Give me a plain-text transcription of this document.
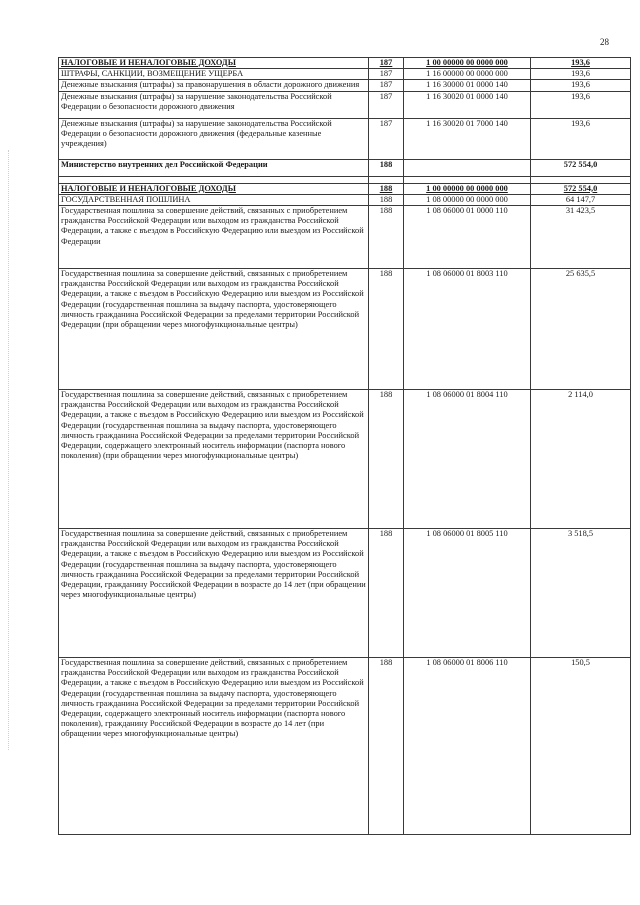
28
НАЛОГОВЫЕ И НЕНАЛОГОВЫЕ ДОХОДЫ	187	1 00 00000 00 0000 000	193,6
ШТРАФЫ, САНКЦИИ, ВОЗМЕЩЕНИЕ УЩЕРБА	187	1 16 00000 00 0000 000	193,6
Денежные взыскания (штрафы) за правонарушения в области дорожного движения	187	1 16 30000 01 0000 140	193,6
Денежные взыскания (штрафы) за нарушение законодательства Российской Федерации о безопасности дорожного движения	187	1 16 30020 01 0000 140	193,6
Денежные взыскания (штрафы) за нарушение законодательства Российской Федерации о безопасности дорожного движения (федеральные казенные учреждения)	187	1 16 30020 01 7000 140	193,6
Министерство внутренних дел Российской Федерации	188		572 554,0

НАЛОГОВЫЕ И НЕНАЛОГОВЫЕ ДОХОДЫ	188	1 00 00000 00 0000 000	572 554,0
ГОСУДАРСТВЕННАЯ ПОШЛИНА	188	1 08 00000 00 0000 000	64 147,7
Государственная пошлина за совершение действий, связанных с приобретением гражданства Российской Федерации или выходом из гражданства Российской Федерации, а также с въездом в Российскую Федерацию или выездом из Российской Федерации	188	1 08 06000 01 0000 110	31 423,5
Государственная пошлина за совершение действий, связанных с приобретением гражданства Российской Федерации или выходом из гражданства Российской Федерации, а также с въездом в Российскую Федерацию или выездом из Российской Федерации (государственная пошлина за выдачу паспорта, удостоверяющего личность гражданина Российской Федерации за пределами территории Российской Федерации (при обращении через многофункциональные центры)	188	1 08 06000 01 8003 110	25 635,5
Государственная пошлина за совершение действий, связанных с приобретением гражданства Российской Федерации или выходом из гражданства Российской Федерации, а также с въездом в Российскую Федерацию или выездом из Российской Федерации (государственная пошлина за выдачу паспорта, удостоверяющего личность гражданина Российской Федерации за пределами территории Российской Федерации, содержащего электронный носитель информации (паспорта нового поколения) (при обращении через многофункциональные центры)	188	1 08 06000 01 8004 110	2 114,0
Государственная пошлина за совершение действий, связанных с приобретением гражданства Российской Федерации или выходом из гражданства Российской Федерации, а также с въездом в Российскую Федерацию или выездом из Российской Федерации (государственная пошлина за выдачу паспорта, удостоверяющего личность гражданина Российской Федерации за пределами территории Российской Федерации, гражданину Российской Федерации в возрасте до 14 лет (при обращении через многофункциональные центры)	188	1 08 06000 01 8005 110	3 518,5
Государственная пошлина за совершение действий, связанных с приобретением гражданства Российской Федерации или выходом из гражданства Российской Федерации, а также с въездом в Российскую Федерацию или выездом из Российской Федерации (государственная пошлина за выдачу паспорта, удостоверяющего личность гражданина Российской Федерации за пределами территории Российской Федерации, содержащего электронный носитель информации (паспорта нового поколения), гражданину Российской Федерации в возрасте до 14 лет (при обращении через многофункциональные центры)	188	1 08 06000 01 8006 110	150,5
